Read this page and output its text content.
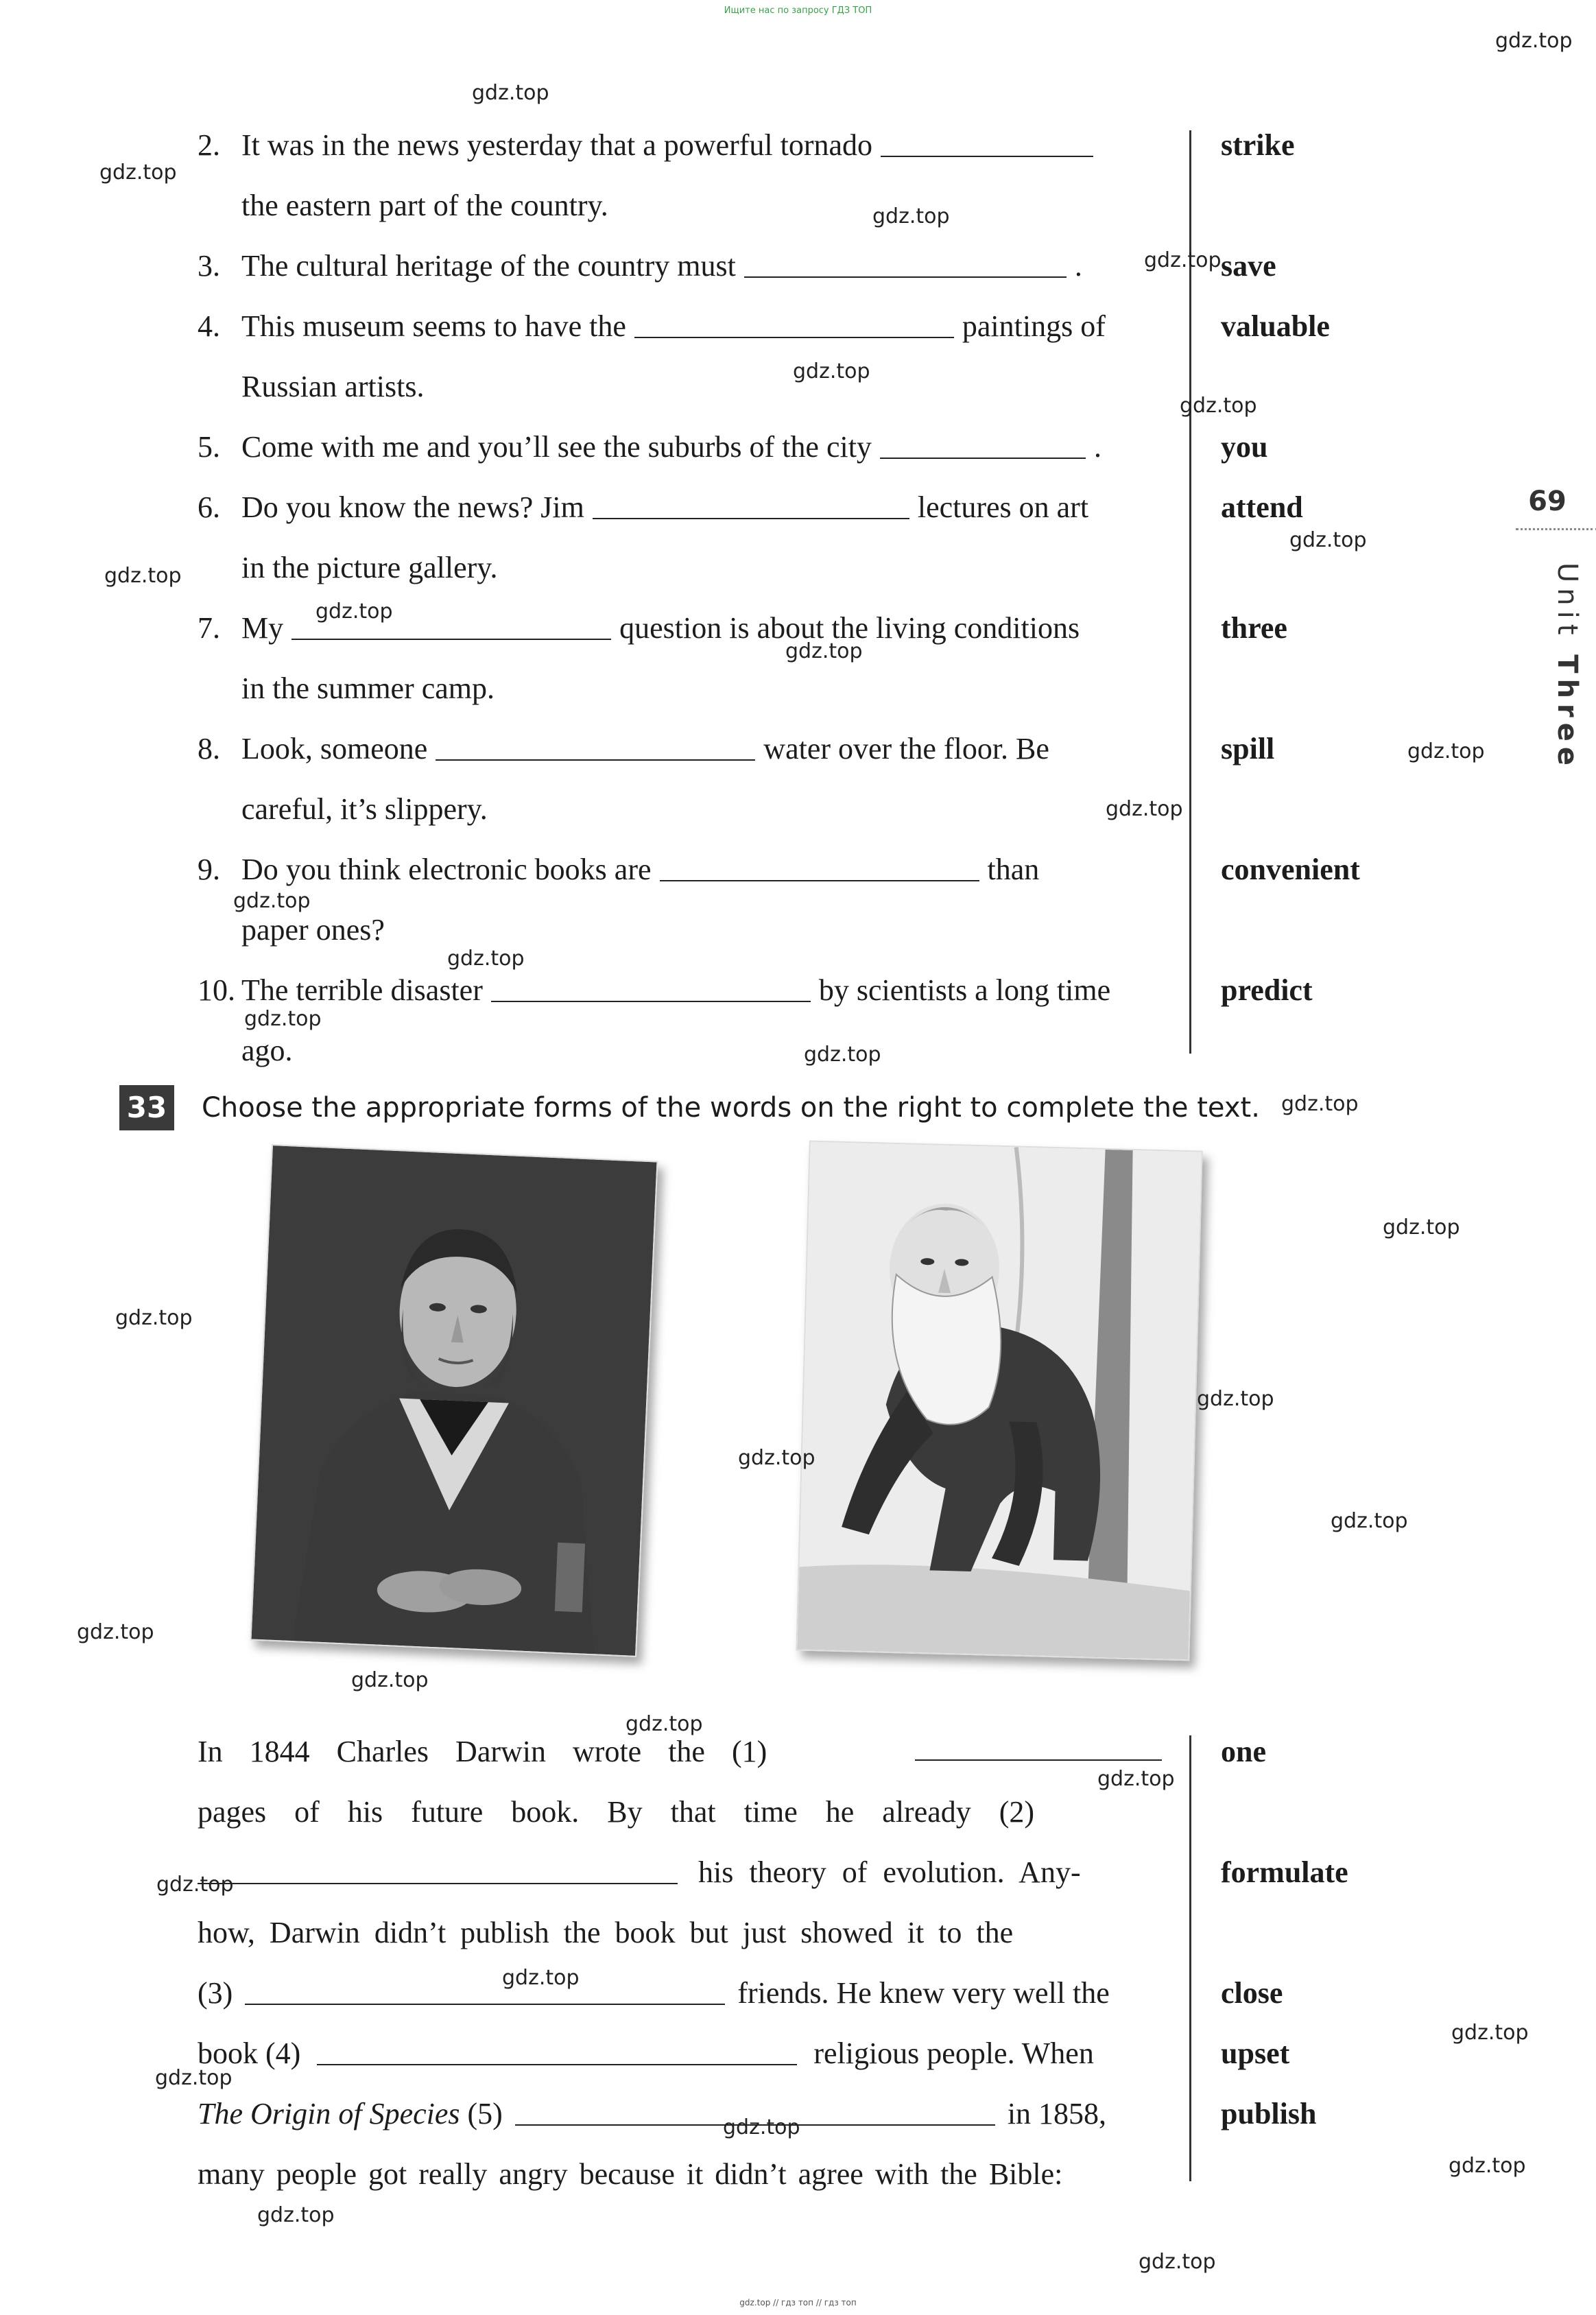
Ищите нас по запросу ГДЗ ТОП
gdz.top // гдз топ // гдз топ
2. It was in the news yesterday that a powerful tornado
the eastern part of the country.
3. The cultural heritage of the country must	.
4. This museum seems to have the	paintings of
Russian artists.
5. Come with me and you’ll see the suburbs of the city	.
6. Do you know the news? Jim	lectures on art
in the picture gallery.
7. My	question is about the living conditions
in the summer camp.
8. Look, someone	water over the floor. Be
careful, it’s slippery.
9. Do you think electronic books are	than
paper ones?
10. The terrible disaster	by scientists a long time
ago.
strike
save
valuable
you
attend
three
spill
convenient
predict
69
Unit Three
33 Choose the appropriate forms of the words on the right to complete the text.
In 1844 Charles Darwin wrote the (1)
pages of his future book. By that time he already (2)
his theory of evolution. Any-
how, Darwin didn’t publish the book but just showed it to the
(3)	friends. He knew very well the
book (4)	religious people. When
The Origin of Species (5)	in 1858,
many people got really angry because it didn’t agree with the Bible:
one
formulate
close
upset
publish
gdz.top
gdz.top
gdz.top
gdz.top
gdz.top
gdz.top
gdz.top
gdz.top
gdz.top
gdz.top
gdz.top
gdz.top
gdz.top
gdz.top
gdz.top
gdz.top
gdz.top
gdz.top
gdz.top
gdz.top
gdz.top
gdz.top
gdz.top
gdz.top
gdz.top
gdz.top
gdz.top
gdz.top
gdz.top
gdz.top
gdz.top
gdz.top
gdz.top
gdz.top
gdz.top
